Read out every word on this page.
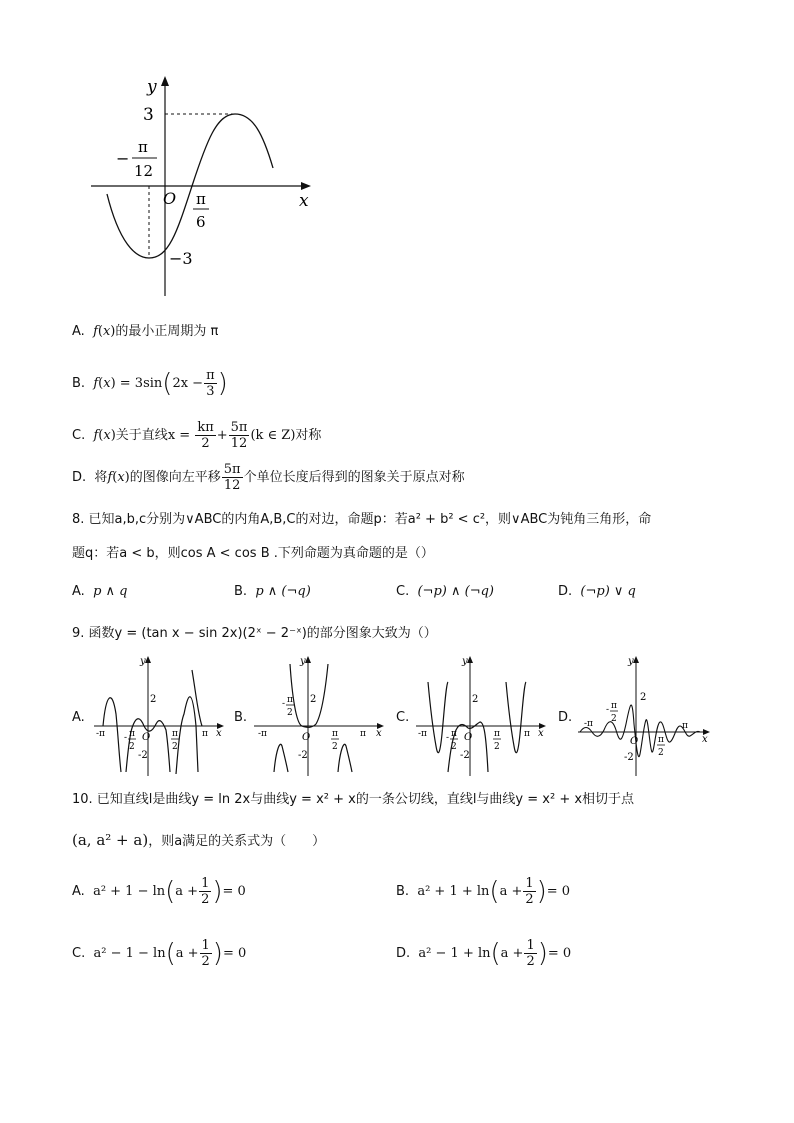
y
x
O
3
−3
−
π
12
π
6
A. f(x)的最小正周期为 π
B. $f(x) = 3\sin(2x - \frac{\pi}{3}$ )
C. f(x)关于直线$x = \frac{k\pi}{2} + \frac{5\pi}{12} (k$ ∈ Z)对称
D. 将f(x)的图像向左平移 $\frac{5\pi}{12}$ 个单位长度后得到的图象关于原点对称
8. 已知a,b,c分别为∨ABC的内角A,B,C的对边，命题p：若a² + b² < c²，则∨ABC为钝角三角形，命
题q：若a < b，则cos A < cos B .下列命题为真命题的是（）
A. p ∧ q	B. p ∧ (¬q)	C. (¬p) ∧ (¬q)	D. (¬p) ∨ q
9. 函数y = (tan x − sin 2x)(2ˣ − 2⁻ˣ)的部分图象大致为（）
A.	B.	C.	D.
y
x
2
-2
O
-π	π
- π
2
π
2
y
x
2
-2
O
-π	π
- π
2
π
2
y
x
2
-2
O
-π	π
- π
2
π
2
y
x
2
-2
O
-π	π
- π
2
π
2
10. 已知直线l是曲线y = ln 2x与曲线y = x² + x的一条公切线，直线l与曲线y = x² + x相切于点
(a, a² + a)，则a满足的关系式为（　　）
A. $a^2 + 1 - \ln(a + \frac{1}{2}$ )= 0	B. $a^2 + 1 + \ln(a + \frac{1}{2}$ )= 0
C. $a^2 - 1 - \ln(a + \frac{1}{2}$ )= 0	D. $a^2 - 1 + \ln(a + \frac{1}{2}$ )= 0
